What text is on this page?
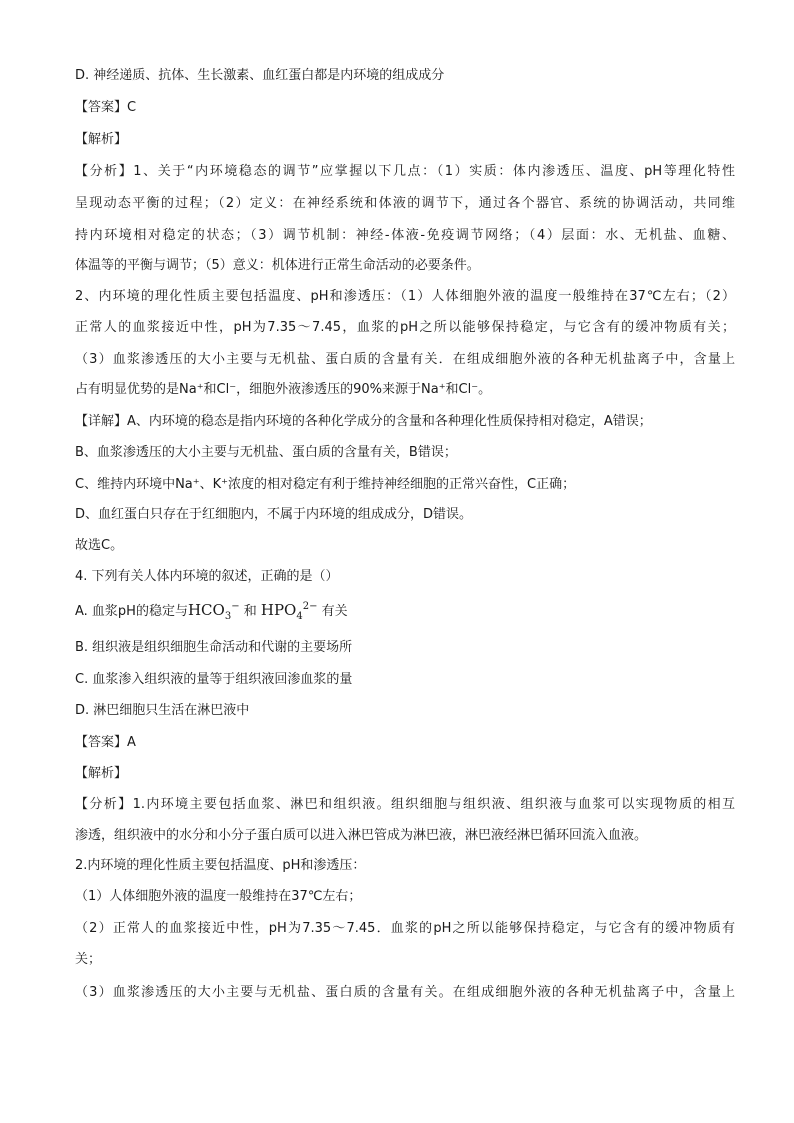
D. 神经递质、抗体、生长激素、血红蛋白都是内环境的组成成分
【答案】C
【解析】
【分析】1、关于“内环境稳态的调节”应掌握以下几点：（1）实质：体内渗透压、温度、pH等理化特性
呈现动态平衡的过程；（2）定义：在神经系统和体液的调节下，通过各个器官、系统的协调活动，共同维
持内环境相对稳定的状态；（3）调节机制：神经-体液-免疫调节网络；（4）层面：水、无机盐、血糖、
体温等的平衡与调节；（5）意义：机体进行正常生命活动的必要条件。
2、内环境的理化性质主要包括温度、pH和渗透压：（1）人体细胞外液的温度一般维持在37℃左右；（2）
正常人的血浆接近中性，pH为7.35～7.45，血浆的pH之所以能够保持稳定，与它含有的缓冲物质有关；
（3）血浆渗透压的大小主要与无机盐、蛋白质的含量有关．在组成细胞外液的各种无机盐离子中，含量上
占有明显优势的是Na⁺和Cl⁻，细胞外液渗透压的90%来源于Na⁺和Cl⁻。
【详解】A、内环境的稳态是指内环境的各种化学成分的含量和各种理化性质保持相对稳定，A错误；
B、血浆渗透压的大小主要与无机盐、蛋白质的含量有关，B错误；
C、维持内环境中Na⁺、K⁺浓度的相对稳定有利于维持神经细胞的正常兴奋性，C正确；
D、血红蛋白只存在于红细胞内，不属于内环境的组成成分，D错误。
故选C。
4. 下列有关人体内环境的叙述，正确的是（）
A. 血浆pH的稳定与$HCO_3^-$ 和 $HPO_4^{2-}$ 有关
B. 组织液是组织细胞生命活动和代谢的主要场所
C. 血浆渗入组织液的量等于组织液回渗血浆的量
D. 淋巴细胞只生活在淋巴液中
【答案】A
【解析】
【分析】1.内环境主要包括血浆、淋巴和组织液。组织细胞与组织液、组织液与血浆可以实现物质的相互
渗透，组织液中的水分和小分子蛋白质可以进入淋巴管成为淋巴液，淋巴液经淋巴循环回流入血液。
2.内环境的理化性质主要包括温度、pH和渗透压：
（1）人体细胞外液的温度一般维持在37℃左右；
（2）正常人的血浆接近中性，pH为7.35～7.45．血浆的pH之所以能够保持稳定，与它含有的缓冲物质有
关；
（3）血浆渗透压的大小主要与无机盐、蛋白质的含量有关。在组成细胞外液的各种无机盐离子中，含量上
